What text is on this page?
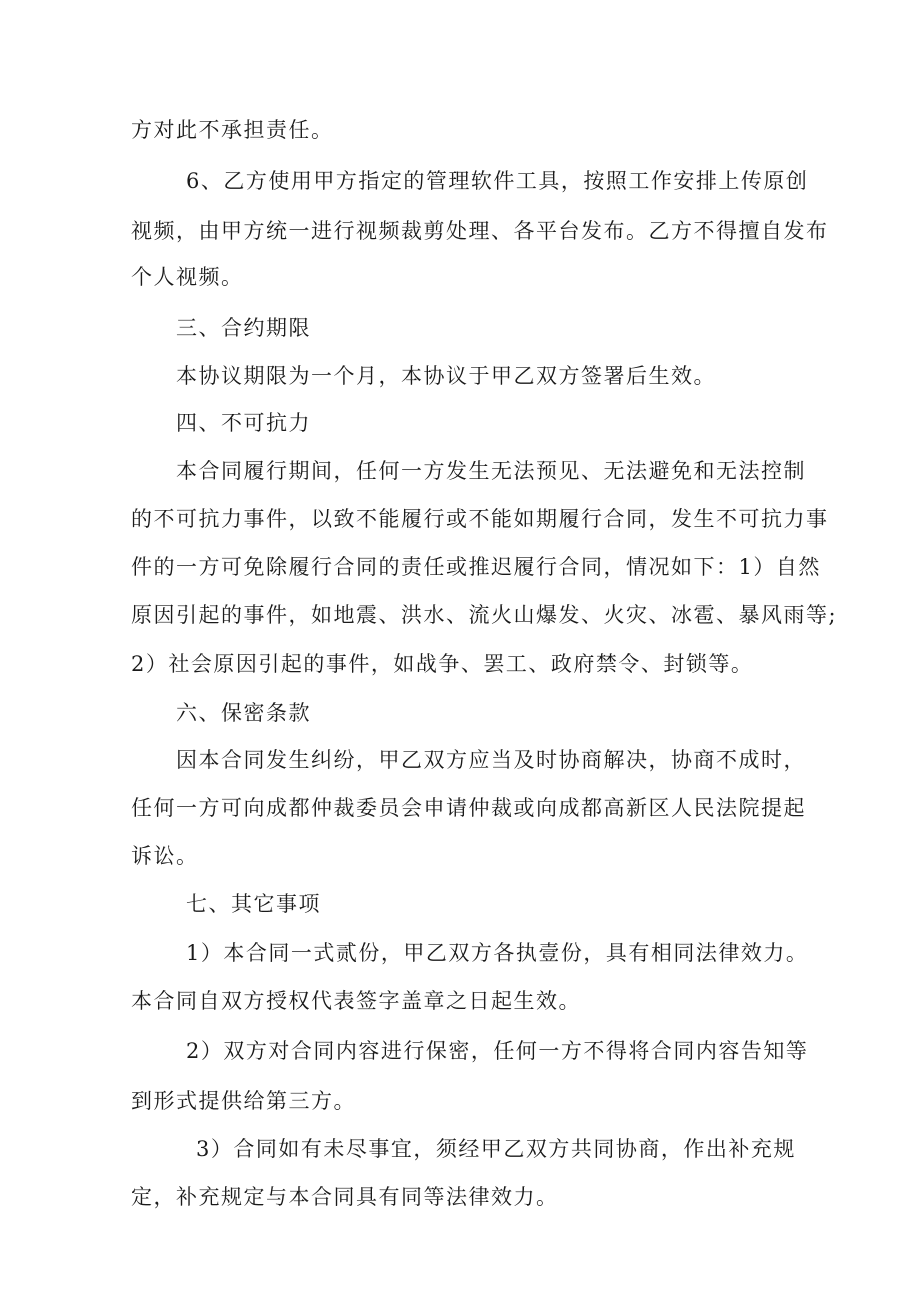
方对此不承担责任。

6、乙方使用甲方指定的管理软件工具，按照工作安排上传原创

视频，由甲方统一进行视频裁剪处理、各平台发布。乙方不得擅自发布

个人视频。

三、合约期限

本协议期限为一个月，本协议于甲乙双方签署后生效。

四、不可抗力

本合同履行期间，任何一方发生无法预见、无法避免和无法控制

的不可抗力事件，以致不能履行或不能如期履行合同，发生不可抗力事

件的一方可免除履行合同的责任或推迟履行合同，情况如下：1）自然

原因引起的事件，如地震、洪水、流火山爆发、火灾、冰雹、暴风雨等;

2）社会原因引起的事件，如战争、罢工、政府禁令、封锁等。

六、保密条款

因本合同发生纠纷，甲乙双方应当及时协商解决，协商不成时，

任何一方可向成都仲裁委员会申请仲裁或向成都高新区人民法院提起

诉讼。

七、其它事项

1）本合同一式贰份，甲乙双方各执壹份，具有相同法律效力。

本合同自双方授权代表签字盖章之日起生效。

2）双方对合同内容进行保密，任何一方不得将合同内容告知等

到形式提供给第三方。

3）合同如有未尽事宜，须经甲乙双方共同协商，作出补充规

定，补充规定与本合同具有同等法律效力。
